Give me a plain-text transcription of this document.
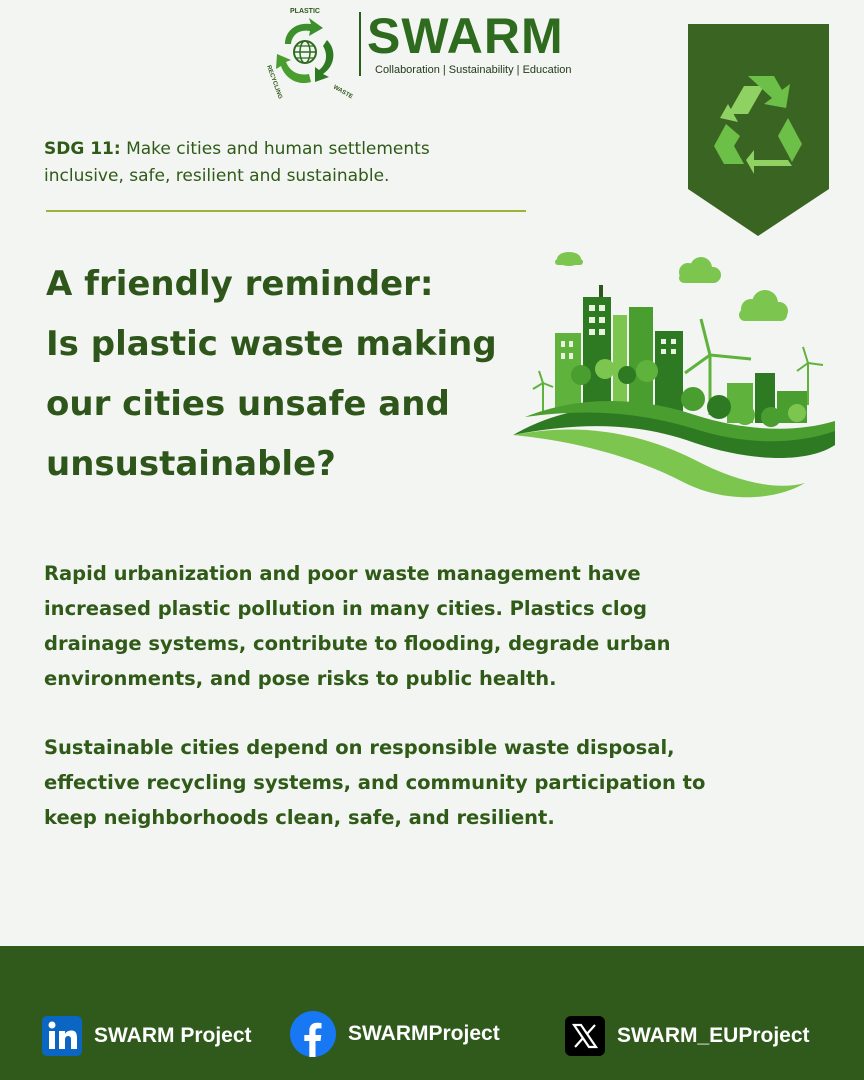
PLASTIC
RECYCLING	WASTE
SWARM
Collaboration | Sustainability | Education
SDG 11: Make cities and human settlements
inclusive, safe, resilient and sustainable.
A friendly reminder:
Is plastic waste making
our cities unsafe and
unsustainable?
Rapid urbanization and poor waste management have
increased plastic pollution in many cities. Plastics clog
drainage systems, contribute to flooding, degrade urban
environments, and pose risks to public health.
Sustainable cities depend on responsible waste disposal,
effective recycling systems, and community participation to
keep neighborhoods clean, safe, and resilient.
SWARM Project	SWARMProject	SWARM_EUProject
